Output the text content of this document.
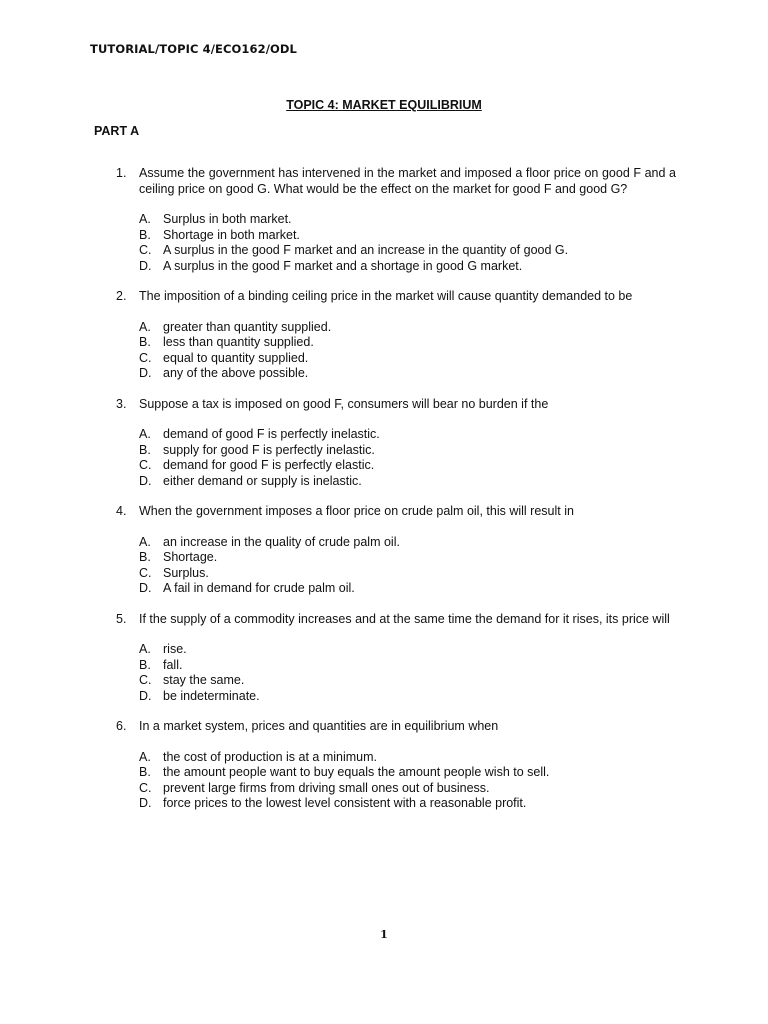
TUTORIAL/TOPIC 4/ECO162/ODL
TOPIC 4: MARKET EQUILIBRIUM
PART A
1.	Assume the government has intervened in the market and imposed a floor price on good F and a ceiling price on good G. What would be the effect on the market for good F and good G?
A. Surplus in both market.
B. Shortage in both market.
C. A surplus in the good F market and an increase in the quantity of good G.
D. A surplus in the good F market and a shortage in good G market.
2.	The imposition of a binding ceiling price in the market will cause quantity demanded to be
A. greater than quantity supplied.
B. less than quantity supplied.
C. equal to quantity supplied.
D. any of the above possible.
3.	Suppose a tax is imposed on good F, consumers will bear no burden if the
A. demand of good F is perfectly inelastic.
B. supply for good F is perfectly inelastic.
C. demand for good F is perfectly elastic.
D. either demand or supply is inelastic.
4.	When the government imposes a floor price on crude palm oil, this will result in
A. an increase in the quality of crude palm oil.
B. Shortage.
C. Surplus.
D. A fail in demand for crude palm oil.
5.	If the supply of a commodity increases and at the same time the demand for it rises, its price will
A. rise.
B. fall.
C. stay the same.
D. be indeterminate.
6.	In a market system, prices and quantities are in equilibrium when
A. the cost of production is at a minimum.
B. the amount people want to buy equals the amount people wish to sell.
C. prevent large firms from driving small ones out of business.
D. force prices to the lowest level consistent with a reasonable profit.
1
